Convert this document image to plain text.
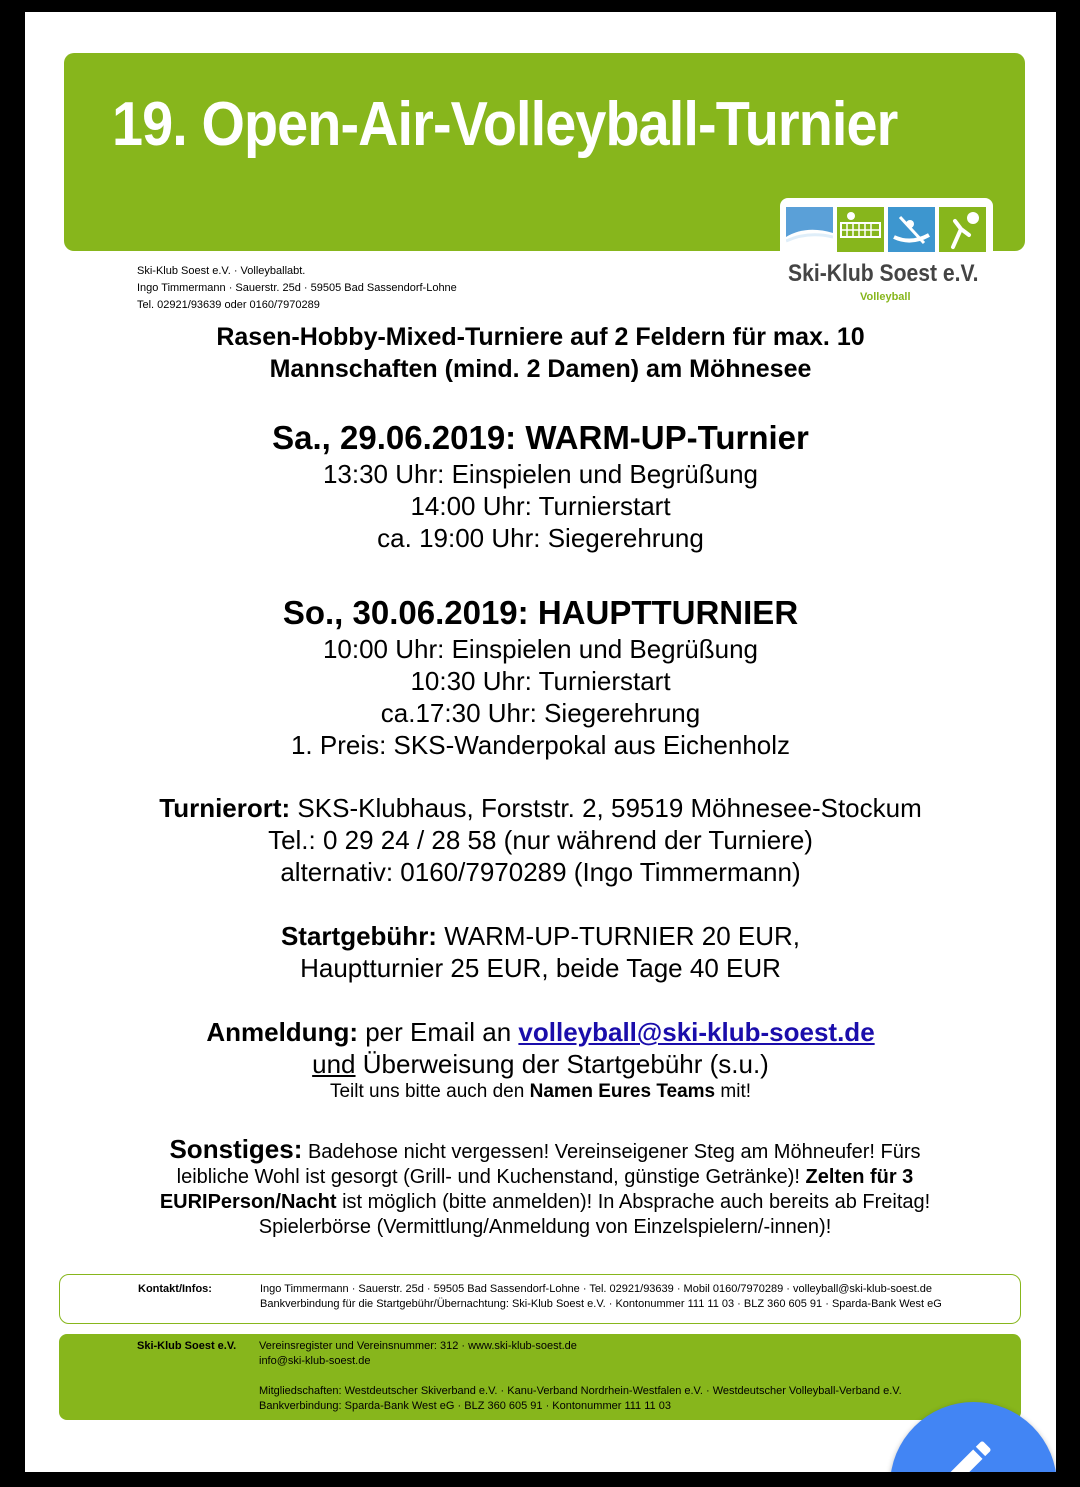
19. Open-Air-Volleyball-Turnier
Ski-Klub Soest e.V.
Volleyball
Ski-Klub Soest e.V. · Volleyballabt.
Ingo Timmermann · Sauerstr. 25d · 59505 Bad Sassendorf-Lohne
Tel. 02921/93639 oder 0160/7970289
Rasen-Hobby-Mixed-Turniere auf 2 Feldern für max. 10
Mannschaften (mind. 2 Damen) am Möhnesee
Sa., 29.06.2019: WARM-UP-Turnier
13:30 Uhr: Einspielen und Begrüßung
14:00 Uhr: Turnierstart
ca. 19:00 Uhr: Siegerehrung
So., 30.06.2019: HAUPTTURNIER
10:00 Uhr: Einspielen und Begrüßung
10:30 Uhr: Turnierstart
ca.17:30 Uhr: Siegerehrung
1. Preis: SKS-Wanderpokal aus Eichenholz
Turnierort: SKS-Klubhaus, Forststr. 2, 59519 Möhnesee-Stockum
Tel.: 0 29 24 / 28 58 (nur während der Turniere)
alternativ: 0160/7970289 (Ingo Timmermann)
Startgebühr: WARM-UP-TURNIER 20 EUR,
Hauptturnier 25 EUR, beide Tage 40 EUR
Anmeldung: per Email an volleyball@ski-klub-soest.de
und Überweisung der Startgebühr (s.u.)
Teilt uns bitte auch den Namen Eures Teams mit!
Sonstiges: Badehose nicht vergessen! Vereinseigener Steg am Möhneufer! Fürs leibliche Wohl ist gesorgt (Grill- und Kuchenstand, günstige Getränke)! Zelten für 3 EURIPerson/Nacht ist möglich (bitte anmelden)! In Absprache auch bereits ab Freitag! Spielerbörse (Vermittlung/Anmeldung von Einzelspielern/-innen)!
Kontakt/Infos:	Ingo Timmermann · Sauerstr. 25d · 59505 Bad Sassendorf-Lohne · Tel. 02921/93639 · Mobil 0160/7970289 · volleyball@ski-klub-soest.de
Bankverbindung für die Startgebühr/Übernachtung: Ski-Klub Soest e.V. · Kontonummer 111 11 03 · BLZ 360 605 91 · Sparda-Bank West eG
Ski-Klub Soest e.V. Vereinsregister und Vereinsnummer: 312 · www.ski-klub-soest.de
info@ski-klub-soest.de
Mitgliedschaften: Westdeutscher Skiverband e.V. · Kanu-Verband Nordrhein-Westfalen e.V. · Westdeutscher Volleyball-Verband e.V.
Bankverbindung: Sparda-Bank West eG · BLZ 360 605 91 · Kontonummer 111 11 03
